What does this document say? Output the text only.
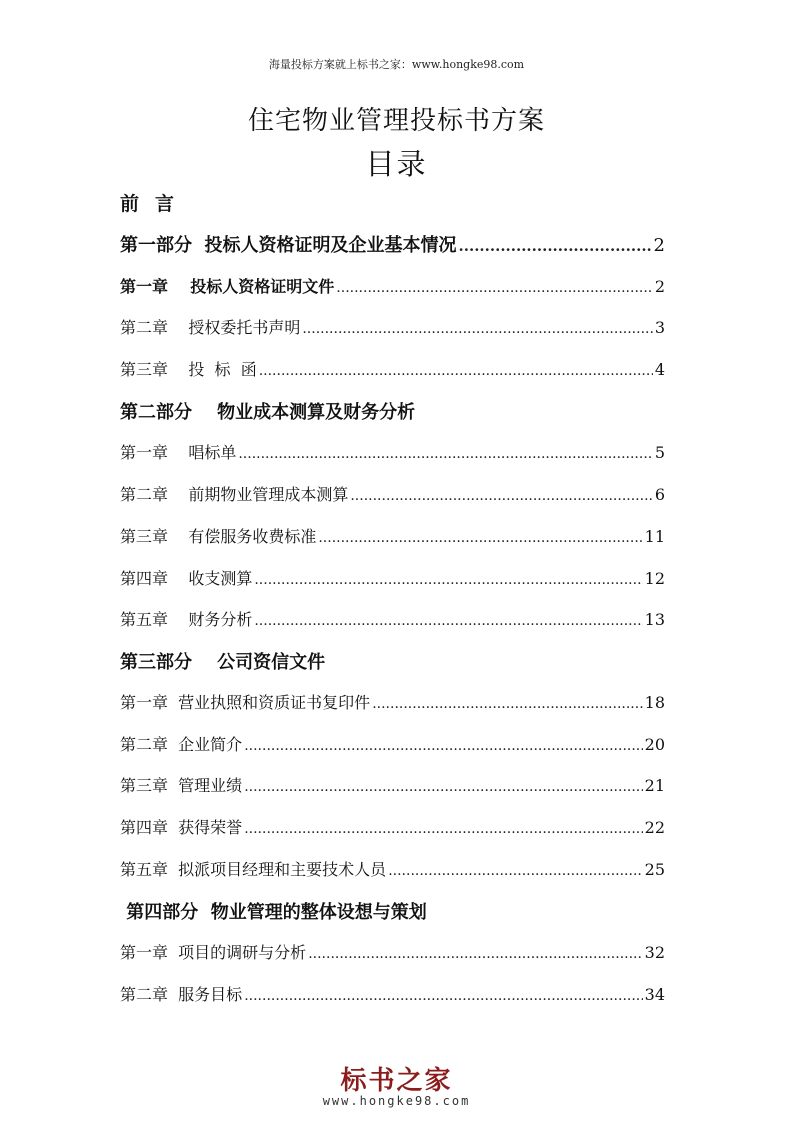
海量投标方案就上标书之家：www.hongke98.com
住宅物业管理投标书方案
目录
前 言
第一部分  投标人资格证明及企业基本情况 .....	2
第一章    投标人资格证明文件 .....	2
第二章    授权委托书声明 .....	3
第三章    投  标  函 .....	4
第二部分    物业成本测算及财务分析
第一章    唱标单 .....	5
第二章    前期物业管理成本测算 .....	6
第三章    有偿服务收费标准 .....	11
第四章    收支测算 .....	12
第五章    财务分析 .....	13
第三部分    公司资信文件
第一章  营业执照和资质证书复印件 .....	18
第二章  企业简介 .....	20
第三章  管理业绩 .....	21
第四章  获得荣誉 .....	22
第五章  拟派项目经理和主要技术人员 .....	25
第四部分  物业管理的整体设想与策划
第一章  项目的调研与分析 .....	32
第二章  服务目标 .....	34
标书之家
www.hongke98.com
